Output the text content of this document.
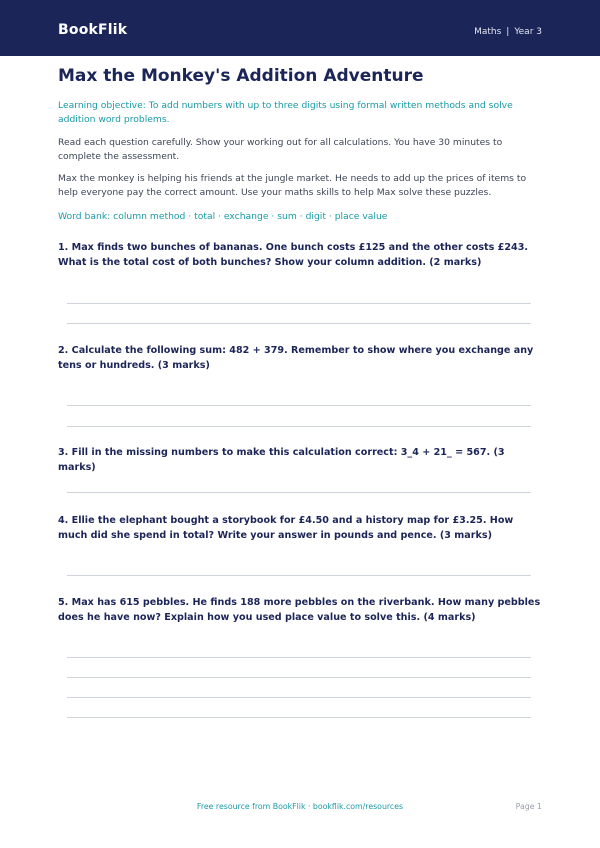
BookFlik	Maths | Year 3
Max the Monkey's Addition Adventure

Learning objective: To add numbers with up to three digits using formal written methods and solve addition word problems.

Read each question carefully. Show your working out for all calculations. You have 30 minutes to complete the assessment.

Max the monkey is helping his friends at the jungle market. He needs to add up the prices of items to help everyone pay the correct amount. Use your maths skills to help Max solve these puzzles.

Word bank: column method · total · exchange · sum · digit · place value

1. Max finds two bunches of bananas. One bunch costs £125 and the other costs £243. What is the total cost of both bunches? Show your column addition. (2 marks)

2. Calculate the following sum: 482 + 379. Remember to show where you exchange any tens or hundreds. (3 marks)

3. Fill in the missing numbers to make this calculation correct: 3_4 + 21_ = 567. (3 marks)

4. Ellie the elephant bought a storybook for £4.50 and a history map for £3.25. How much did she spend in total? Write your answer in pounds and pence. (3 marks)

5. Max has 615 pebbles. He finds 188 more pebbles on the riverbank. How many pebbles does he have now? Explain how you used place value to solve this. (4 marks)

Free resource from BookFlik · bookflik.com/resources	Page 1
